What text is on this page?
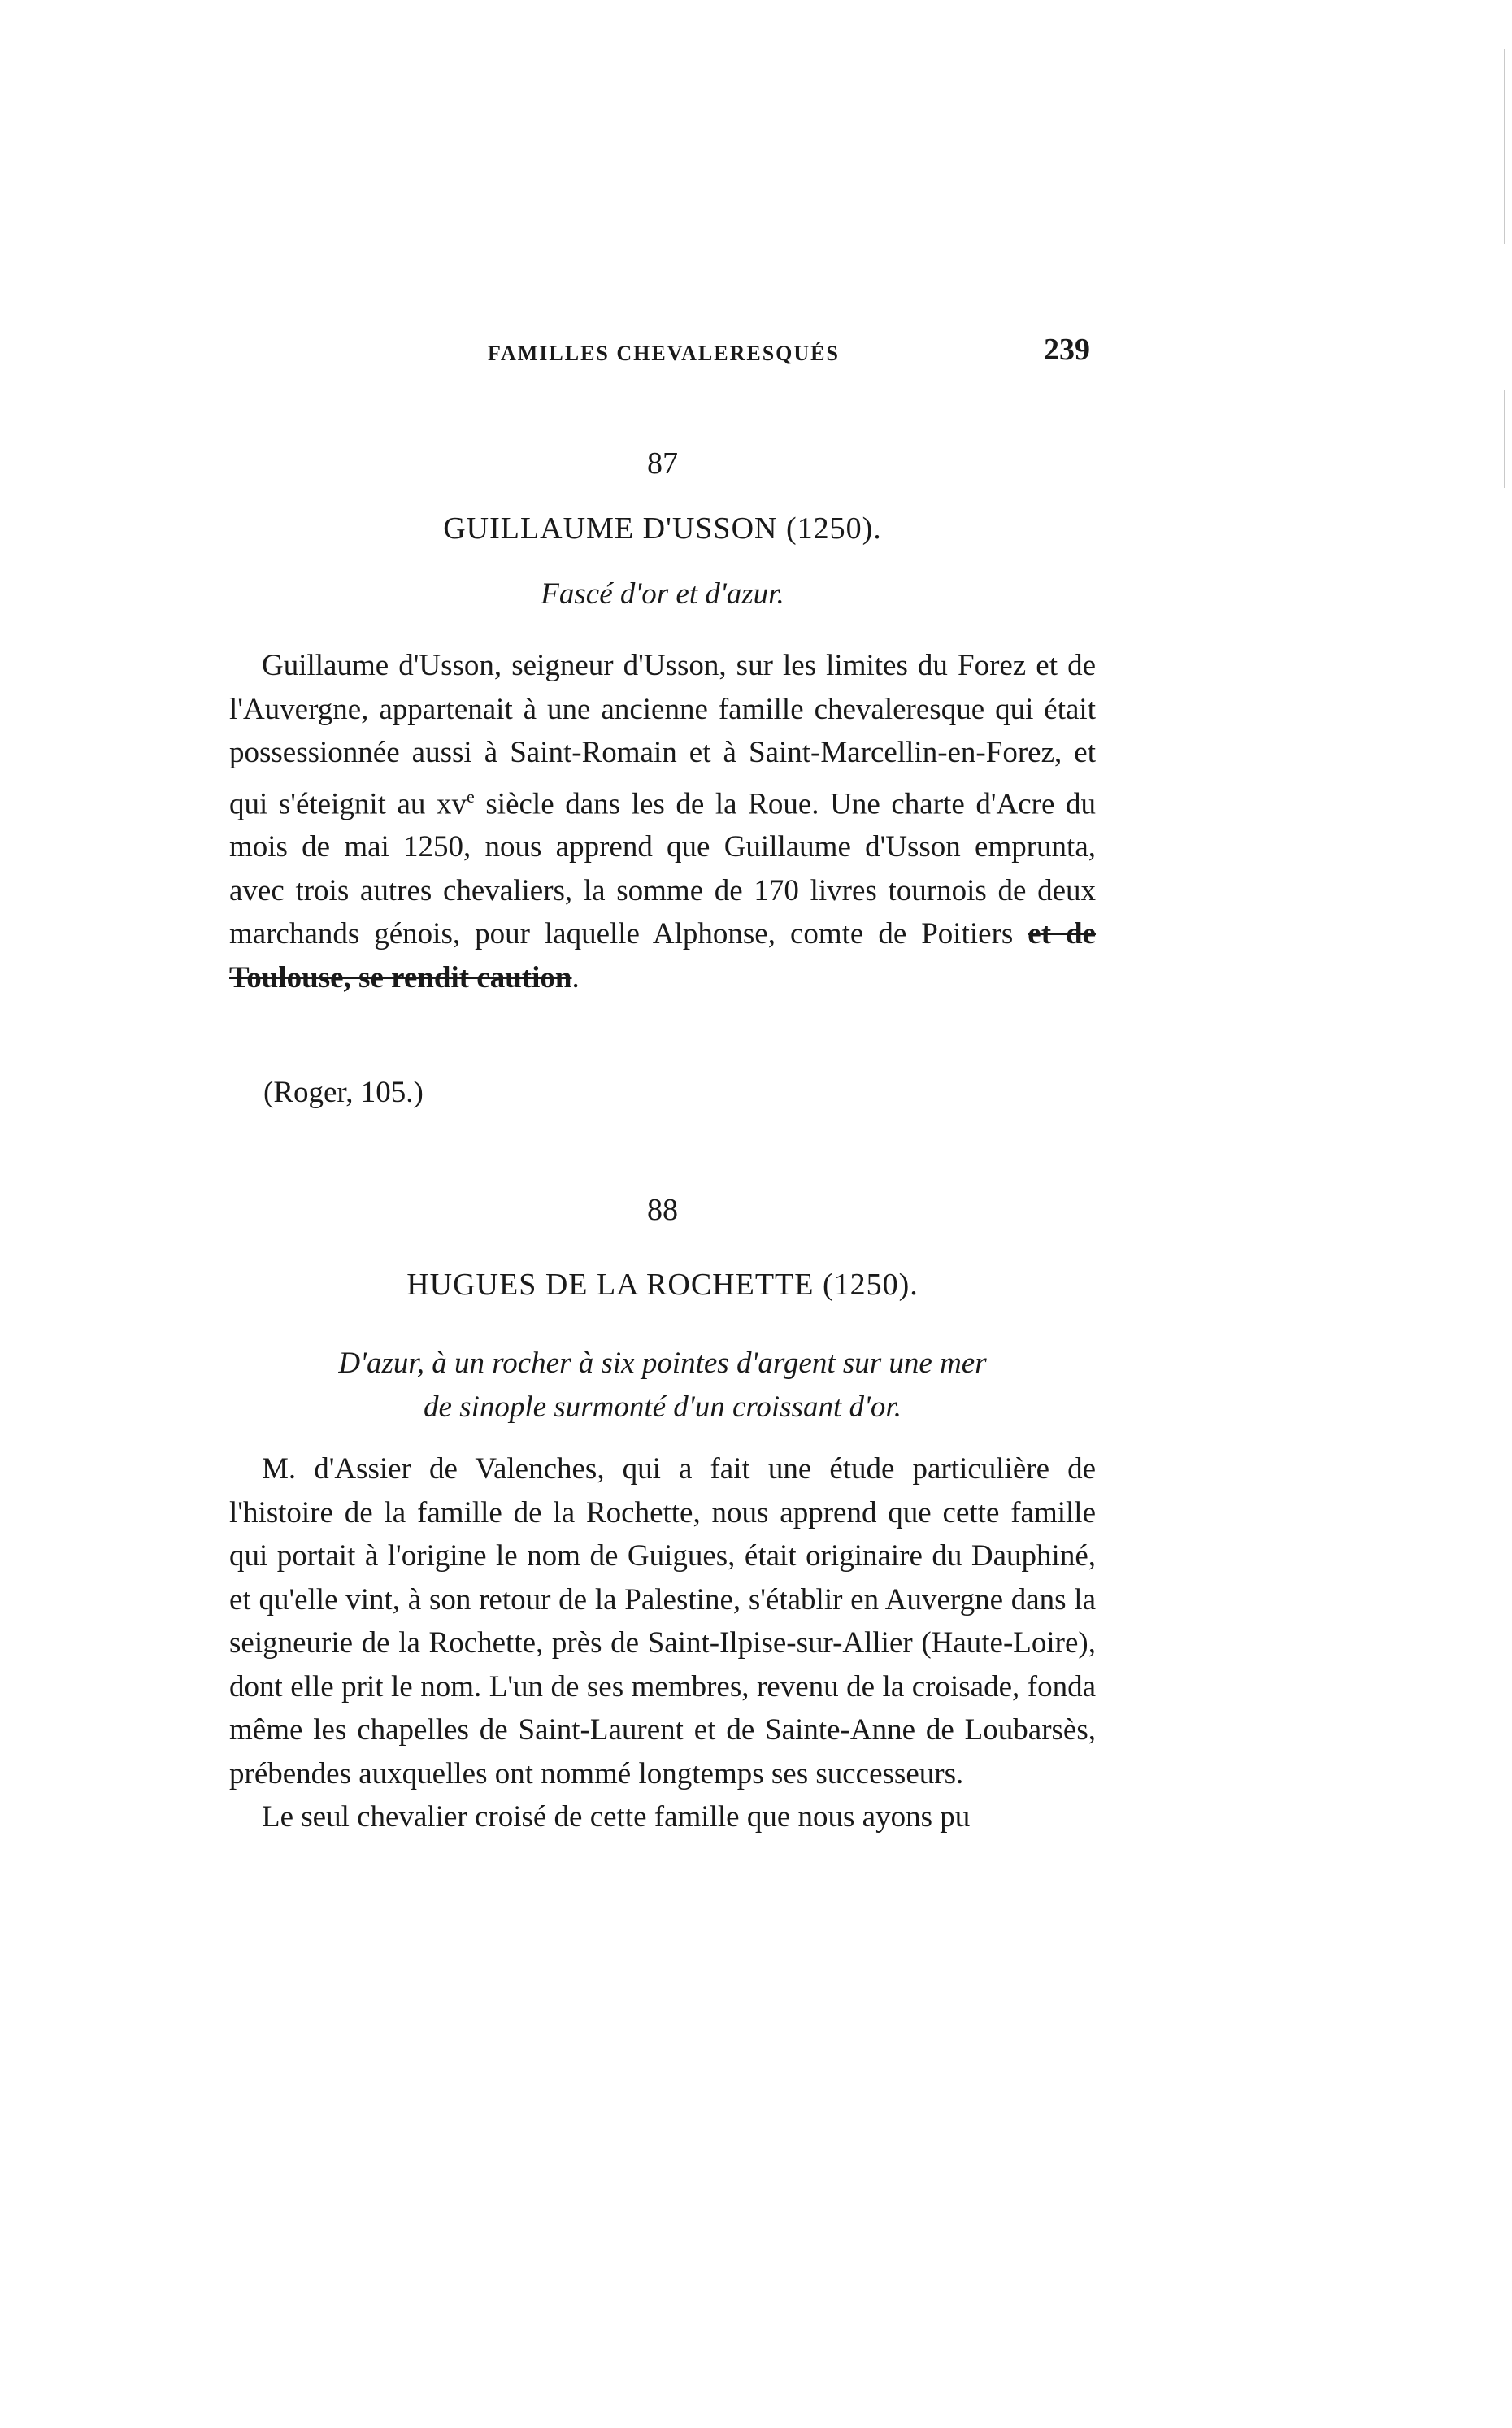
FAMILLES CHEVALERESQUÉS	239
87
GUILLAUME D'USSON (1250).
Fascé d'or et d'azur.

Guillaume d'Usson, seigneur d'Usson, sur les limites du Forez et de l'Auvergne, appartenait à une ancienne famille chevaleresque qui était possessionnée aussi à Saint-Romain et à Saint-Marcellin-en-Forez, et qui s'éteignit au $xv^e$ siècle dans les de la Roue. Une charte d'Acre du mois de mai 1250, nous apprend que Guillaume d'Usson emprunta, avec trois autres chevaliers, la somme de 170 livres tournois de deux marchands génois, pour laquelle Alphonse, comte de Poitiers et de Toulouse, se rendit caution.

(Roger, 105.)
88
HUGUES DE LA ROCHETTE (1250).
D'azur, à un rocher à six pointes d'argent sur une mer
de sinople surmonté d'un croissant d'or.

M. d'Assier de Valenches, qui a fait une étude particulière de l'histoire de la famille de la Rochette, nous apprend que cette famille qui portait à l'origine le nom de Guigues, était originaire du Dauphiné, et qu'elle vint, à son retour de la Palestine, s'établir en Auvergne dans la seigneurie de la Rochette, près de Saint-Ilpise-sur-Allier (Haute-Loire), dont elle prit le nom. L'un de ses membres, revenu de la croisade, fonda même les chapelles de Saint-Laurent et de Sainte-Anne de Loubarsès, prébendes auxquelles ont nommé longtemps ses successeurs.

Le seul chevalier croisé de cette famille que nous ayons pu
